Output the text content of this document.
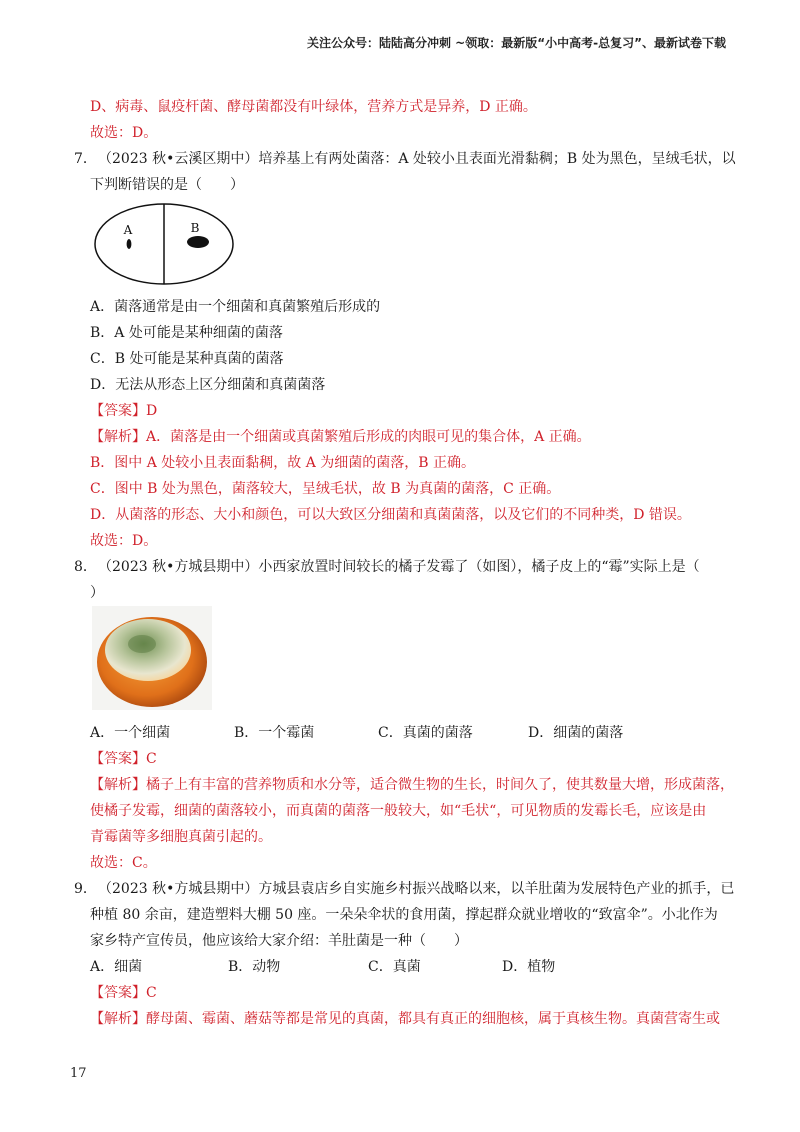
关注公众号：陆陆高分冲刺 ~领取：最新版“小中高考-总复习”、最新试卷下载
D、病毒、鼠疫杆菌、酵母菌都没有叶绿体，营养方式是异养，D 正确。
故选：D。
7． （2023 秋•云溪区期中）培养基上有两处菌落：A 处较小且表面光滑黏稠；B 处为黑色，呈绒毛状，以
下判断错误的是（　　）
A	B
A．菌落通常是由一个细菌和真菌繁殖后形成的
B．A 处可能是某种细菌的菌落
C．B 处可能是某种真菌的菌落
D．无法从形态上区分细菌和真菌菌落
【答案】D
【解析】A．菌落是由一个细菌或真菌繁殖后形成的肉眼可见的集合体，A 正确。
B．图中 A 处较小且表面黏稠，故 A 为细菌的菌落，B 正确。
C．图中 B 处为黑色，菌落较大，呈绒毛状，故 B 为真菌的菌落，C 正确。
D．从菌落的形态、大小和颜色，可以大致区分细菌和真菌菌落，以及它们的不同种类，D 错误。
故选：D。
8． （2023 秋•方城县期中）小西家放置时间较长的橘子发霉了（如图），橘子皮上的“霉”实际上是（
）
A．一个细菌	B．一个霉菌	C．真菌的菌落	D．细菌的菌落
【答案】C
【解析】橘子上有丰富的营养物质和水分等，适合微生物的生长，时间久了，使其数量大增，形成菌落，
使橘子发霉，细菌的菌落较小，而真菌的菌落一般较大，如“毛状“，可见物质的发霉长毛，应该是由
青霉菌等多细胞真菌引起的。
故选：C。
9． （2023 秋•方城县期中）方城县袁店乡自实施乡村振兴战略以来，以羊肚菌为发展特色产业的抓手，已
种植 80 余亩，建造塑料大棚 50 座。一朵朵伞状的食用菌，撑起群众就业增收的“致富伞”。小北作为
家乡特产宣传员，他应该给大家介绍：羊肚菌是一种（　　）
A．细菌	B．动物	C．真菌	D．植物
【答案】C
【解析】酵母菌、霉菌、蘑菇等都是常见的真菌，都具有真正的细胞核，属于真核生物。真菌营寄生或
17
